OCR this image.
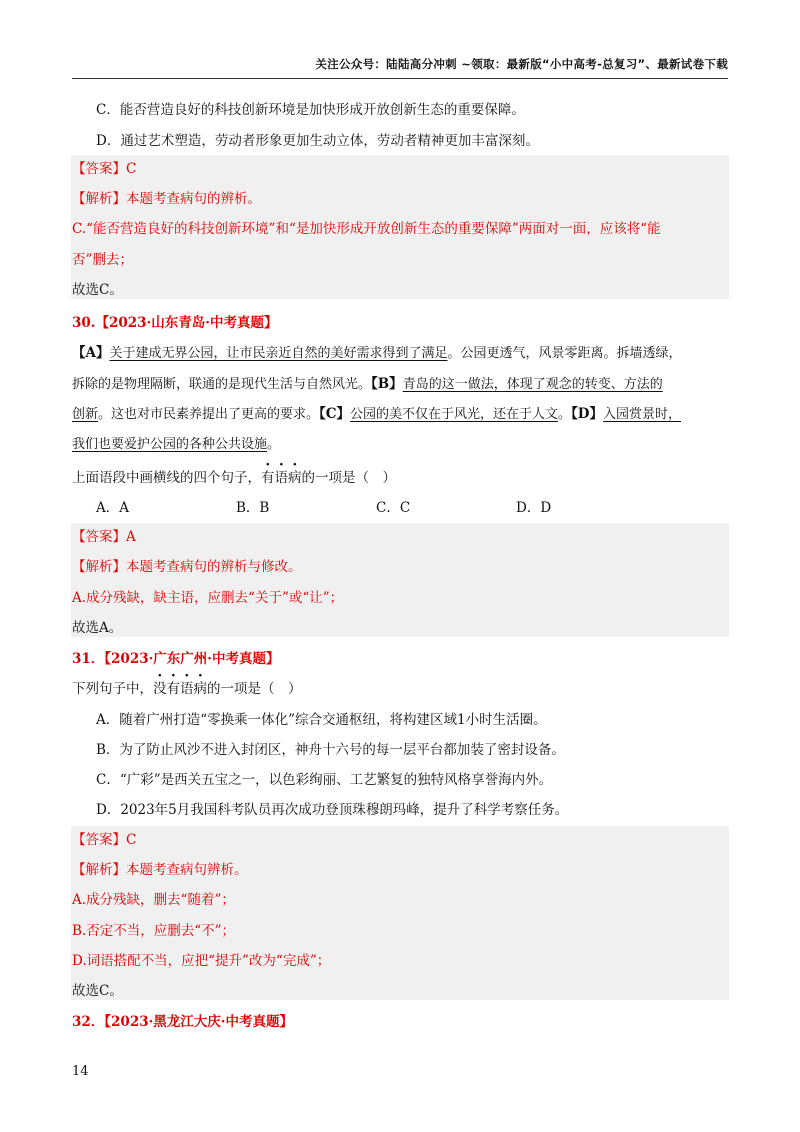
关注公众号：陆陆高分冲刺 ~领取：最新版“小中高考-总复习”、最新试卷下载
C．能否营造良好的科技创新环境是加快形成开放创新生态的重要保障。
D．通过艺术塑造，劳动者形象更加生动立体，劳动者精神更加丰富深刻。
【答案】C
【解析】本题考查病句的辨析。
C.“能否营造良好的科技创新环境”和“是加快形成开放创新生态的重要保障”两面对一面，应该将“能
否”删去；
故选C。
30.【2023·山东青岛·中考真题】
【A】关于建成无界公园，让市民亲近自然的美好需求得到了满足。公园更透气，风景零距离。拆墙透绿，
拆除的是物理隔断，联通的是现代生活与自然风光。【B】青岛的这一做法，体现了观念的转变、方法的
创新。这也对市民素养提出了更高的要求。【C】公园的美不仅在于风光，还在于人文。【D】入园赏景时，
我们也要爱护公园的各种公共设施。
上面语段中画横线的四个句子，有语病的一项是（　）
A．A	B．B	C．C	D．D
【答案】A
【解析】本题考查病句的辨析与修改。
A.成分残缺，缺主语，应删去“关于”或“让”；
故选A。
31．【2023·广东广州·中考真题】
下列句子中，没有语病的一项是（　）
A．随着广州打造“零换乘一体化”综合交通枢纽，将构建区域1小时生活圈。
B．为了防止风沙不进入封闭区，神舟十六号的每一层平台都加装了密封设备。
C．“广彩”是西关五宝之一，以色彩绚丽、工艺繁复的独特风格享誉海内外。
D．2023年5月我国科考队员再次成功登顶珠穆朗玛峰，提升了科学考察任务。
【答案】C
【解析】本题考查病句辨析。
A.成分残缺，删去“随着”；
B.否定不当，应删去“不”；
D.词语搭配不当，应把“提升”改为“完成”；
故选C。
32．【2023·黑龙江大庆·中考真题】
14
